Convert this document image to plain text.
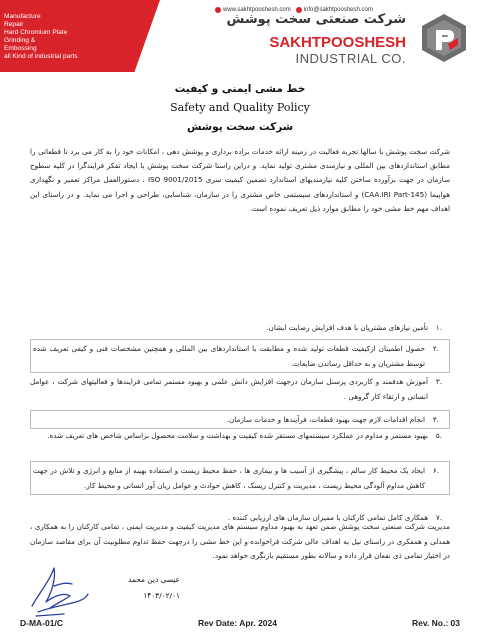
Manufacture
Repair
Hard Chromium Plate
Grinding &
Embossing
all Kind of industrial parts
www.sakhtpooshesh.com info@sakhtpooshesh.com
شرکت صنعتی سخت پوشش
SAKHTPOOSHESH
INDUSTRIAL CO.
خط مشی ایمنی و کیفیت
Safety and Quality Policy
شرکت سخت پوشش
شرکت سخت پوشش با سالها تجربه فعالیت در زمینه ارائه خدمات براده برداری و پوشش دهی ، امکانات خود را به کار می برد تا قطعاتی را مطابق استانداردهای بین المللی و نیازمندی مشتری تولید نماید. و دراین راستا شرکت سخت پوشش با ایجاد تفکر فرایندگرا در کلیه سطوح سازمان در جهت برآورده ساختن کلیه نیازمندیهای استاندارد تضمین کیفیت سری ISO 9001/2015 ، دستورالعمل مراکز تعمیر و نگهداری هواپیما (CAA.IRI Part-145) و استانداردهای سیستمی خاص مشتری را در سازمان، شناسایی، طراحی و اجرا می نماید. و در راستای این اهداف مهم خط مشی خود را مطابق موارد ذیل تعریف نموده است.
.۱
تأمین نیازهای مشتریان با هدف افزایش رضایت ایشان.
.۲
حصول اطمینان ازکیفیت قطعات تولید شده و مطابقت با استانداردهای بین المللی و همچنین مشخصات فنی و کیفی تعریف شده توسط مشتریان و به حداقل رساندن ضایعات.
.۳
آموزش هدفمند و کاربردی پرسنل سازمان درجهت افزایش دانش علمی و بهبود مستمر تمامی فرایندها و فعالیتهای شرکت ، عوامل انسانی و ارتقاء کار گروهی .
.۴
انجام اقدامات لازم جهت بهبود قطعات، فرآیندها و خدمات سازمان.
.۵
بهبود مستمر و مداوم در عملکرد سیستمهای مستقر شده کیفیت و بهداشت و سلامت محصول براساس شاخص های تعریف شده.
.۶
ایجاد یک محیط کار سالم ، پیشگیری از آسیب ها و بیماری ها ، حفظ محیط زیست و استفاده بهینه از منابع و انرژی و تلاش در جهت کاهش مداوم آلودگی محیط زیست ، مدیریت و کنترل ریسک ، کاهش حوادث و عوامل زیان آور انسانی و محیط کار.
.۷
همکاری کامل تمامی کارکنان با ممیزان سازمان های ارزیابی کننده .
مدیریت شرکت صنعتی سخت پوشش ضمن تعهد به بهبود مداوم سیستم های مدیریت کیفیت و مدیریت ایمنی ، تمامی کارکنان را به همکاری ، همدلی و همفکری در راستای نیل به اهداف عالی شرکت فراخوانده و این خط مشی را درجهت حفظ تداوم مطلوبیت آن برای مقاصد سازمان در اختیار تمامی ذی نفعان قرار داده و سالانه بطور مستقیم بازنگری خواهد نمود.
عیسی دین محمد
۱۴۰۳/۰۲/۰۱
D-MA-01/C	Rev Date: Apr. 2024	Rev. No.: 03
